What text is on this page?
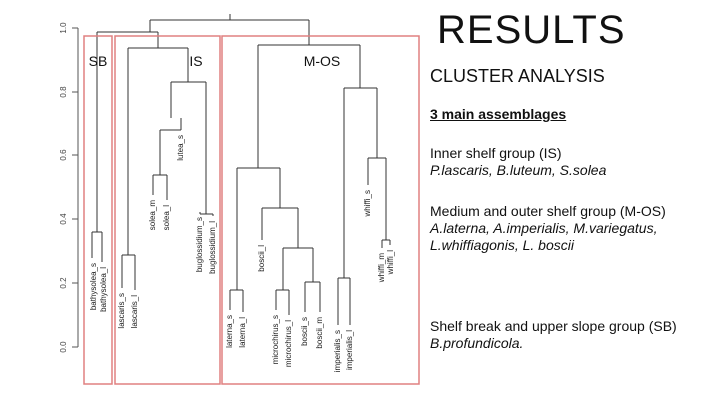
0.0
0.2
0.4
0.6
0.8
1.0
bathysolea_s bathysolea_l lascaris_s lascaris_l
solea_m solea_l
lutea_s
buglossidium_s buglossidium_l
laterna_s laterna_l
boscii_l
microchirus_s microchirus_l boscii_s boscii_m imperialis_s imperialis_l
whiffi_s
whiffi_m whiffi_l
SB	IS	M-OS
RESULTS
CLUSTER ANALYSIS
3 main assemblages
Inner shelf group (IS)
P.lascaris, B.luteum, S.solea
Medium and outer shelf group (M-OS)
A.laterna, A.imperialis, M.variegatus, L.whiffiagonis, L. boscii
Shelf break and upper slope group (SB)
B.profundicola.
